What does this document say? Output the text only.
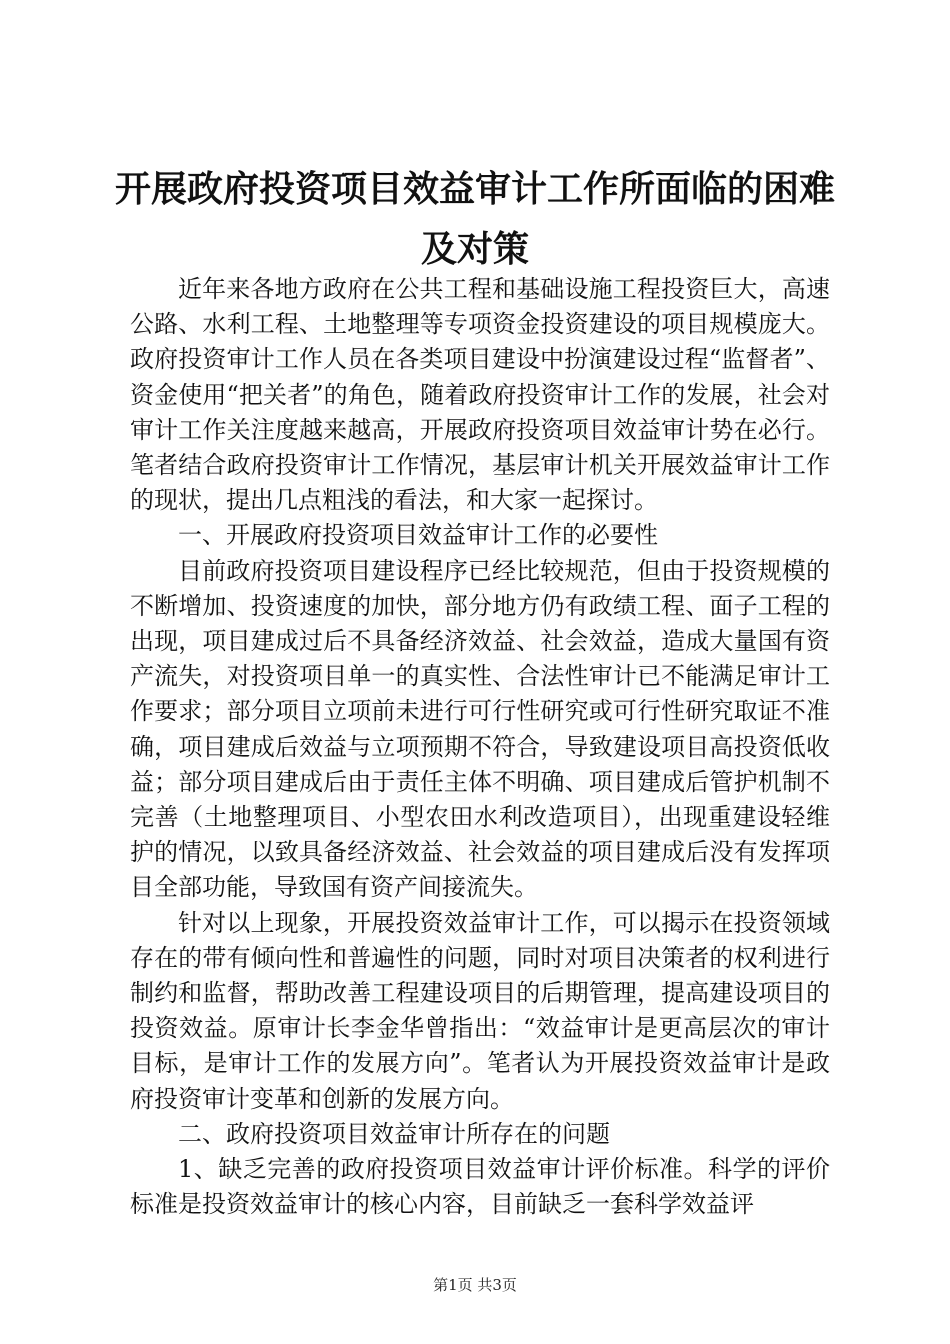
开展政府投资项目效益审计工作所面临的困难
及对策

近年来各地方政府在公共工程和基础设施工程投资巨大，高速公路、水利工程、土地整理等专项资金投资建设的项目规模庞大。政府投资审计工作人员在各类项目建设中扮演建设过程“监督者”、资金使用“把关者”的角色，随着政府投资审计工作的发展，社会对审计工作关注度越来越高，开展政府投资项目效益审计势在必行。笔者结合政府投资审计工作情况，基层审计机关开展效益审计工作的现状，提出几点粗浅的看法，和大家一起探讨。

一、开展政府投资项目效益审计工作的必要性

目前政府投资项目建设程序已经比较规范，但由于投资规模的不断增加、投资速度的加快，部分地方仍有政绩工程、面子工程的出现，项目建成过后不具备经济效益、社会效益，造成大量国有资产流失，对投资项目单一的真实性、合法性审计已不能满足审计工作要求；部分项目立项前未进行可行性研究或可行性研究取证不准确，项目建成后效益与立项预期不符合，导致建设项目高投资低收益；部分项目建成后由于责任主体不明确、项目建成后管护机制不完善（土地整理项目、小型农田水利改造项目），出现重建设轻维护的情况，以致具备经济效益、社会效益的项目建成后没有发挥项目全部功能，导致国有资产间接流失。

针对以上现象，开展投资效益审计工作，可以揭示在投资领域存在的带有倾向性和普遍性的问题，同时对项目决策者的权利进行制约和监督，帮助改善工程建设项目的后期管理，提高建设项目的投资效益。原审计长李金华曾指出：“效益审计是更高层次的审计目标，是审计工作的发展方向”。笔者认为开展投资效益审计是政府投资审计变革和创新的发展方向。

二、政府投资项目效益审计所存在的问题

1、缺乏完善的政府投资项目效益审计评价标准。科学的评价标准是投资效益审计的核心内容，目前缺乏一套科学效益评

第1页 共3页
